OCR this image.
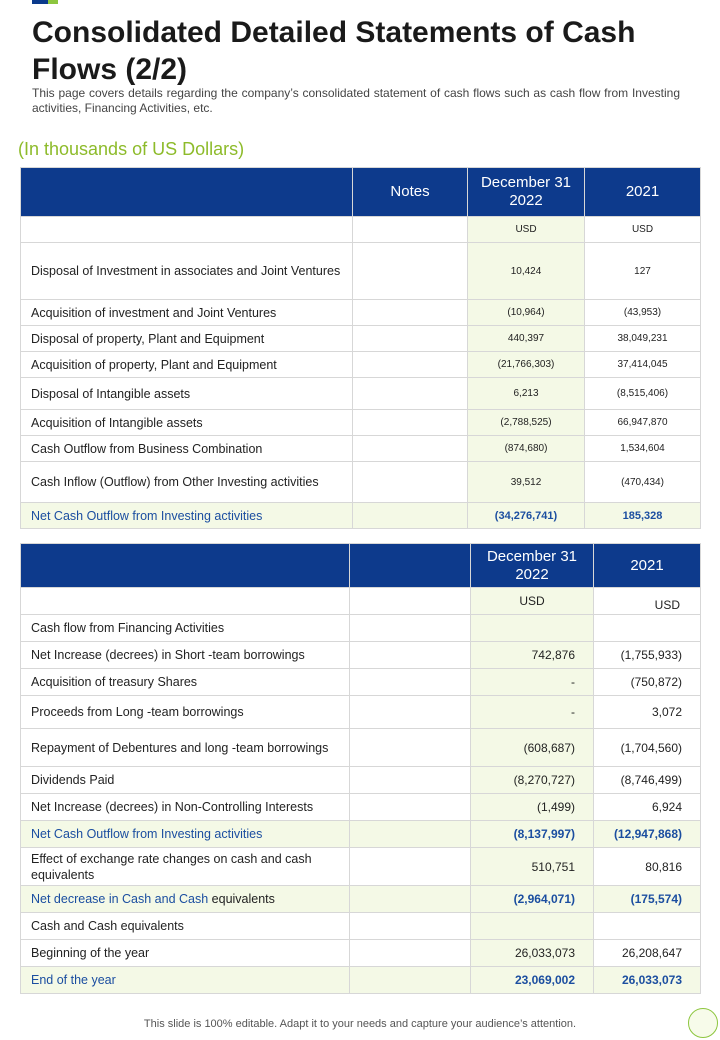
Consolidated Detailed Statements of Cash Flows (2/2)

This page covers details regarding the company’s consolidated statement of cash flows such as cash flow from Investing activities, Financing Activities, etc.

(In thousands of US Dollars)
	Notes	December 31 2022	2021
		USD	USD
Disposal of Investment in associates and Joint Ventures		10,424	127
Acquisition of investment and Joint Ventures		(10,964)	(43,953)
Disposal of property, Plant and Equipment		440,397	38,049,231
Acquisition of property, Plant and Equipment		(21,766,303)	37,414,045
Disposal of Intangible assets		6,213	(8,515,406)
Acquisition of Intangible assets		(2,788,525)	66,947,870
Cash Outflow from Business Combination		(874,680)	1,534,604
Cash Inflow (Outflow) from Other Investing activities		39,512	(470,434)
Net Cash Outflow from Investing activities		(34,276,741)	185,328
		December 31 2022	2021
		USD	USD
Cash flow from Financing Activities			
Net Increase (decrees) in Short -team borrowings		742,876	(1,755,933)
Acquisition of treasury Shares		-	(750,872)
Proceeds from Long -team borrowings		-	3,072
Repayment of Debentures and long -team borrowings		(608,687)	(1,704,560)
Dividends Paid		(8,270,727)	(8,746,499)
Net Increase (decrees) in Non-Controlling Interests		(1,499)	6,924
Net Cash Outflow from Investing activities		(8,137,997)	(12,947,868)
Effect of exchange rate changes on cash and cash equivalents		510,751	80,816
Net decrease in Cash and Cash equivalents		(2,964,071)	(175,574)
Cash and Cash equivalents			
Beginning of the year		26,033,073	26,208,647
End of the year		23,069,002	26,033,073
This slide is 100% editable. Adapt it to your needs and capture your audience’s attention.
